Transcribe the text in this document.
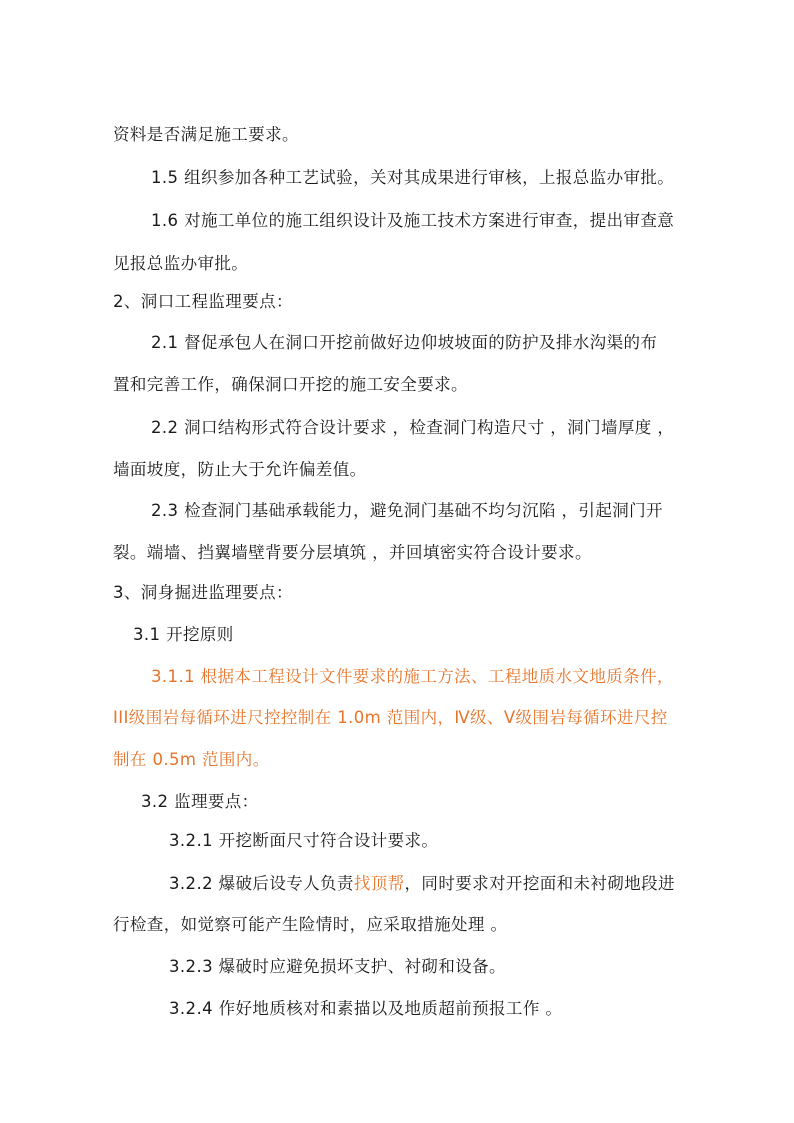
资料是否满足施工要求。
1.5 组织参加各种工艺试验，关对其成果进行审核，上报总监办审批。
1.6 对施工单位的施工组织设计及施工技术方案进行审查，提出审查意
见报总监办审批。
2、洞口工程监理要点：
2.1 督促承包人在洞口开挖前做好边仰坡坡面的防护及排水沟渠的布
置和完善工作，确保洞口开挖的施工安全要求。
2.2 洞口结构形式符合设计要求 ，检查洞门构造尺寸 ，洞门墙厚度 ，
墙面坡度，防止大于允许偏差值。
2.3 检查洞门基础承载能力，避免洞门基础不均匀沉陷 ，引起洞门开
裂。端墙、挡翼墙壁背要分层填筑 ，并回填密实符合设计要求。
3、洞身掘进监理要点：
3.1 开挖原则
3.1.1 根据本工程设计文件要求的施工方法、工程地质水文地质条件，
III级围岩每循环进尺控控制在 1.0m 范围内，Ⅳ级、Ⅴ级围岩每循环进尺控
制在 0.5m 范围内。
3.2 监理要点：
3.2.1 开挖断面尺寸符合设计要求。
3.2.2 爆破后设专人负责找顶帮，同时要求对开挖面和未衬砌地段进
行检查，如觉察可能产生险情时，应采取措施处理 。
3.2.3 爆破时应避免损坏支护、衬砌和设备。
3.2.4 作好地质核对和素描以及地质超前预报工作 。
